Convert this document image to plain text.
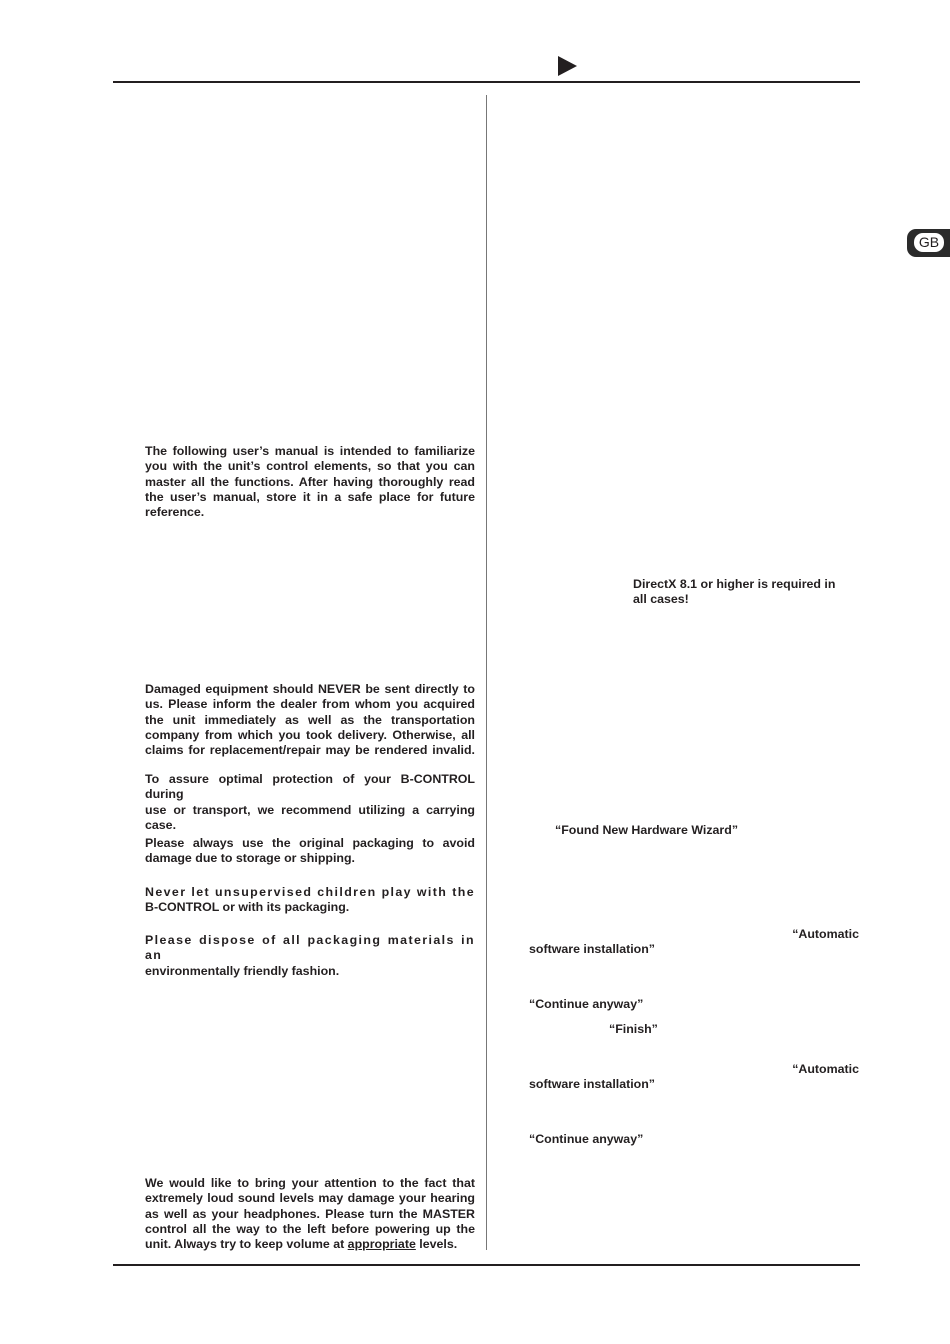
GB
The following user’s manual is intended to familiarize
you with the unit’s control elements, so that you can
master all the functions. After having thoroughly read
the user’s manual, store it in a safe place for future
reference.
Damaged equipment should NEVER be sent directly to
us. Please inform the dealer from whom you acquired
the unit immediately as well as the transportation
company from which you took delivery. Otherwise, all
claims for replacement/repair may be rendered invalid.
To assure optimal protection of your B-CONTROL during
use or transport, we recommend utilizing a carrying
case.
Please always use the original packaging to avoid
damage due to storage or shipping.
Never let unsupervised children play with the
B-CONTROL or with its packaging.
Please dispose of all packaging materials in an
environmentally friendly fashion.
We would like to bring your attention to the fact that
extremely loud sound levels may damage your hearing
as well as your headphones. Please turn the MASTER
control all the way to the left before powering up the
unit. Always try to keep volume at appropriate levels.
DirectX 8.1 or higher is required in
all cases!
“Found New Hardware Wizard”
“Automatic
software installation”
“Continue anyway”
“Finish”
“Automatic
software installation”
“Continue anyway”
